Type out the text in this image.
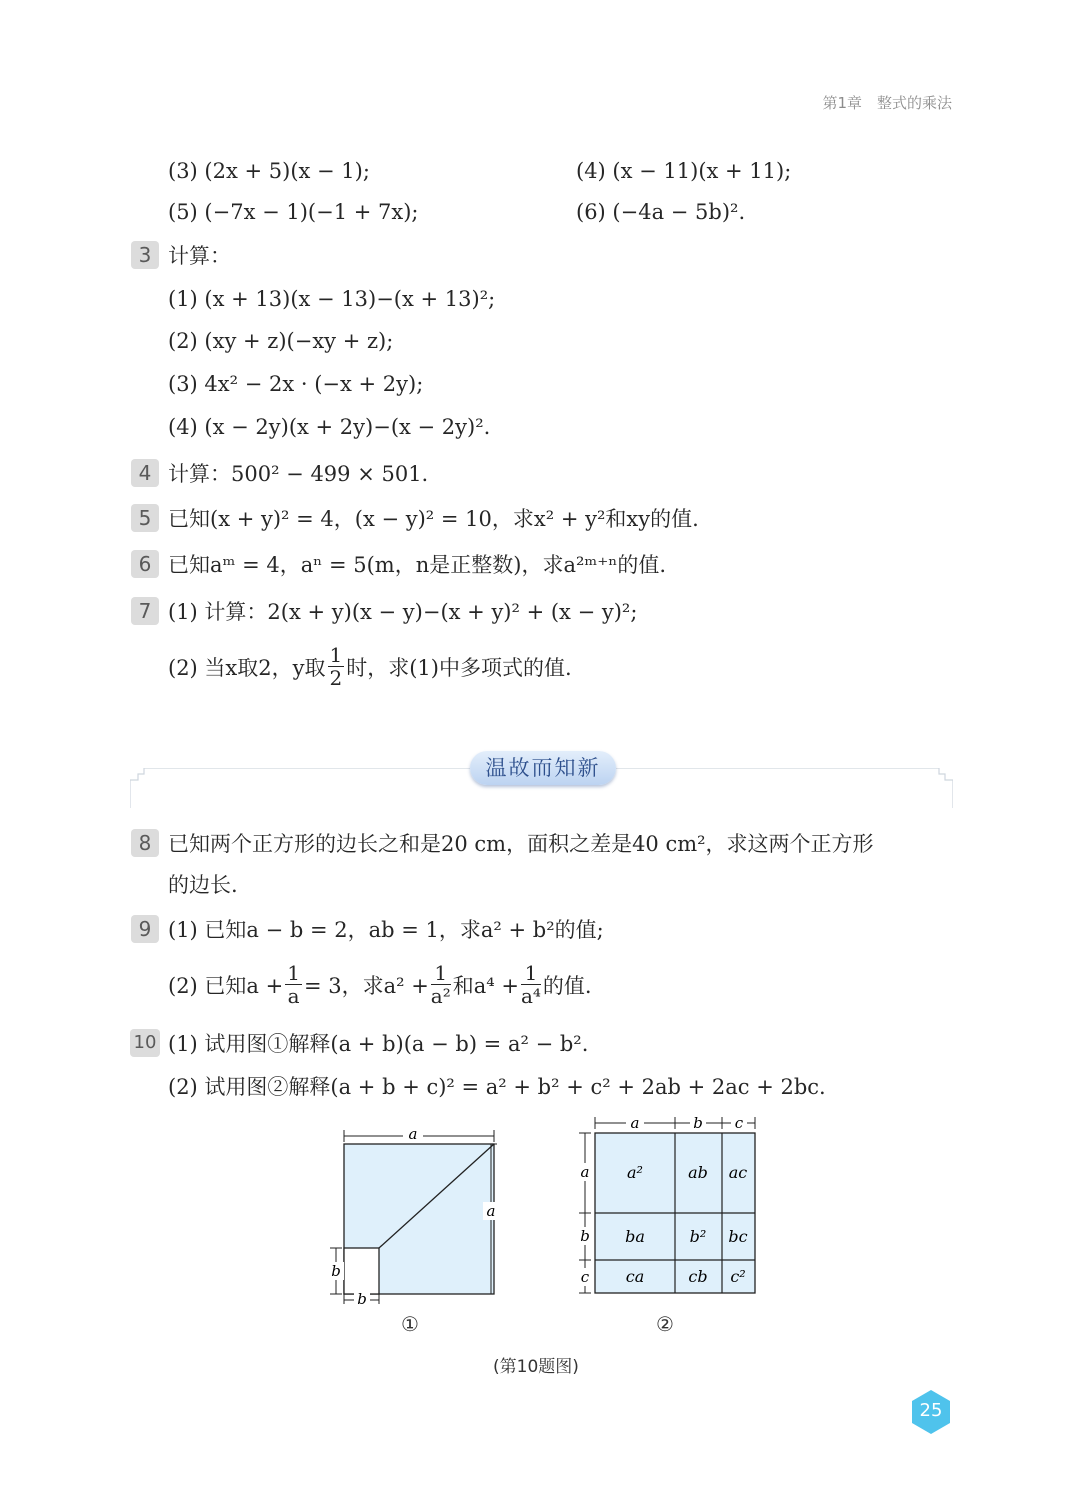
第1章　整式的乘法
(3) (2x + 5)(x − 1);	(4) (x − 11)(x + 11);
(5) (−7x − 1)(−1 + 7x);	(6) (−4a − 5b)².
3 计算：
(1) (x + 13)(x − 13)−(x + 13)²;
(2) (xy + z)(−xy + z);
(3) 4x² − 2x · (−x + 2y);
(4) (x − 2y)(x + 2y)−(x − 2y)².
4 计算：500² − 499 × 501.
5 已知(x + y)² = 4，(x − y)² = 10，求x² + y²和xy的值.
6 已知aᵐ = 4，aⁿ = 5(m，n是正整数)，求a²ᵐ⁺ⁿ的值.
7 (1) 计算：2(x + y)(x − y)−(x + y)² + (x − y)²;
(2) 当x取2，y取 $\frac{1}{2}$ 时，求(1)中多项式的值.
温故而知新
8 已知两个正方形的边长之和是20 cm，面积之差是40 cm²，求这两个正方形
的边长.
9 (1) 已知a − b = 2，ab = 1，求a² + b²的值;
(2) 已知$a + \frac{1}{a} = 3$，求$a^2 + \frac{1}{\text{a²}}$ 和$a^4 + \frac{1}{\text{a⁴}}$ 的值.
10 (1) 试用图①解释(a + b)(a − b) = a² − b².
(2) 试用图②解释(a + b + c)² = a² + b² + c² + 2ab + 2ac + 2bc.
a
a
b
b
①
a	b c
a
b
c
a²	ab ac
ba	b² bc
ca	cb c²
②
(第10题图)
25
